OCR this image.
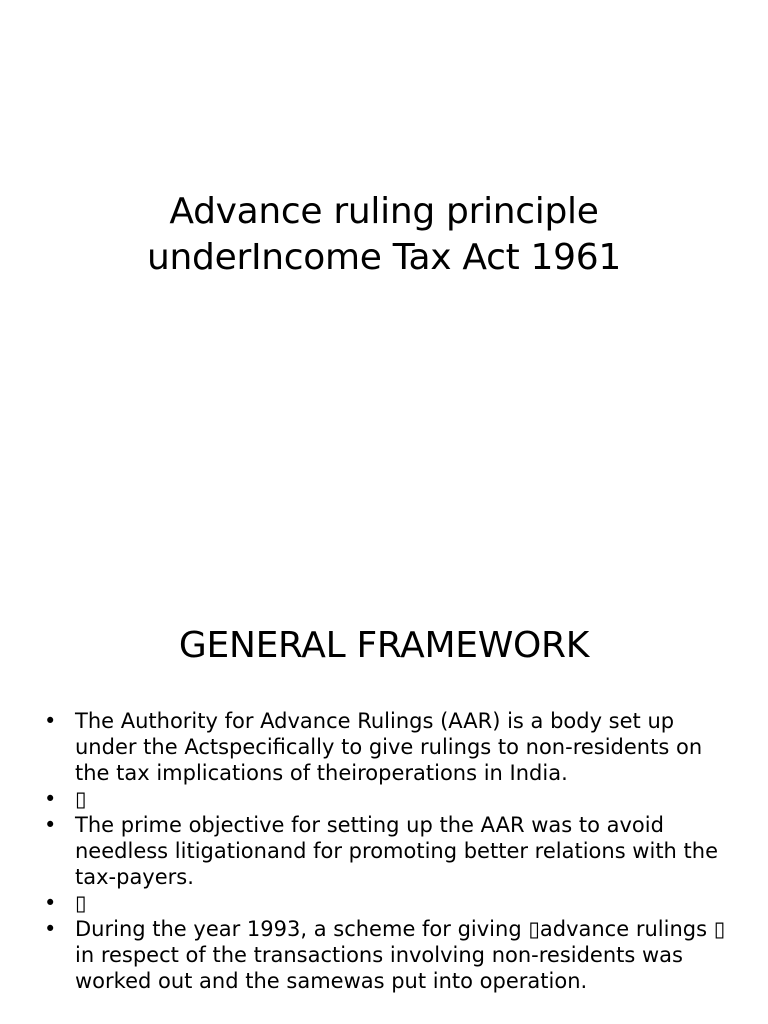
Advance ruling principle
underIncome Tax Act 1961
GENERAL FRAMEWORK
• The Authority for Advance Rulings (AAR) is a body set up under the Actspecifically to give rulings to non-residents on the tax implications of theiroperations in India.
• ▯
• The prime objective for setting up the AAR was to avoid needless litigationand for promoting better relations with the tax-payers.
• ▯
• During the year 1993, a scheme for giving ▯advance rulings ▯ in respect of the transactions involving non-residents was worked out and the samewas put into operation.
